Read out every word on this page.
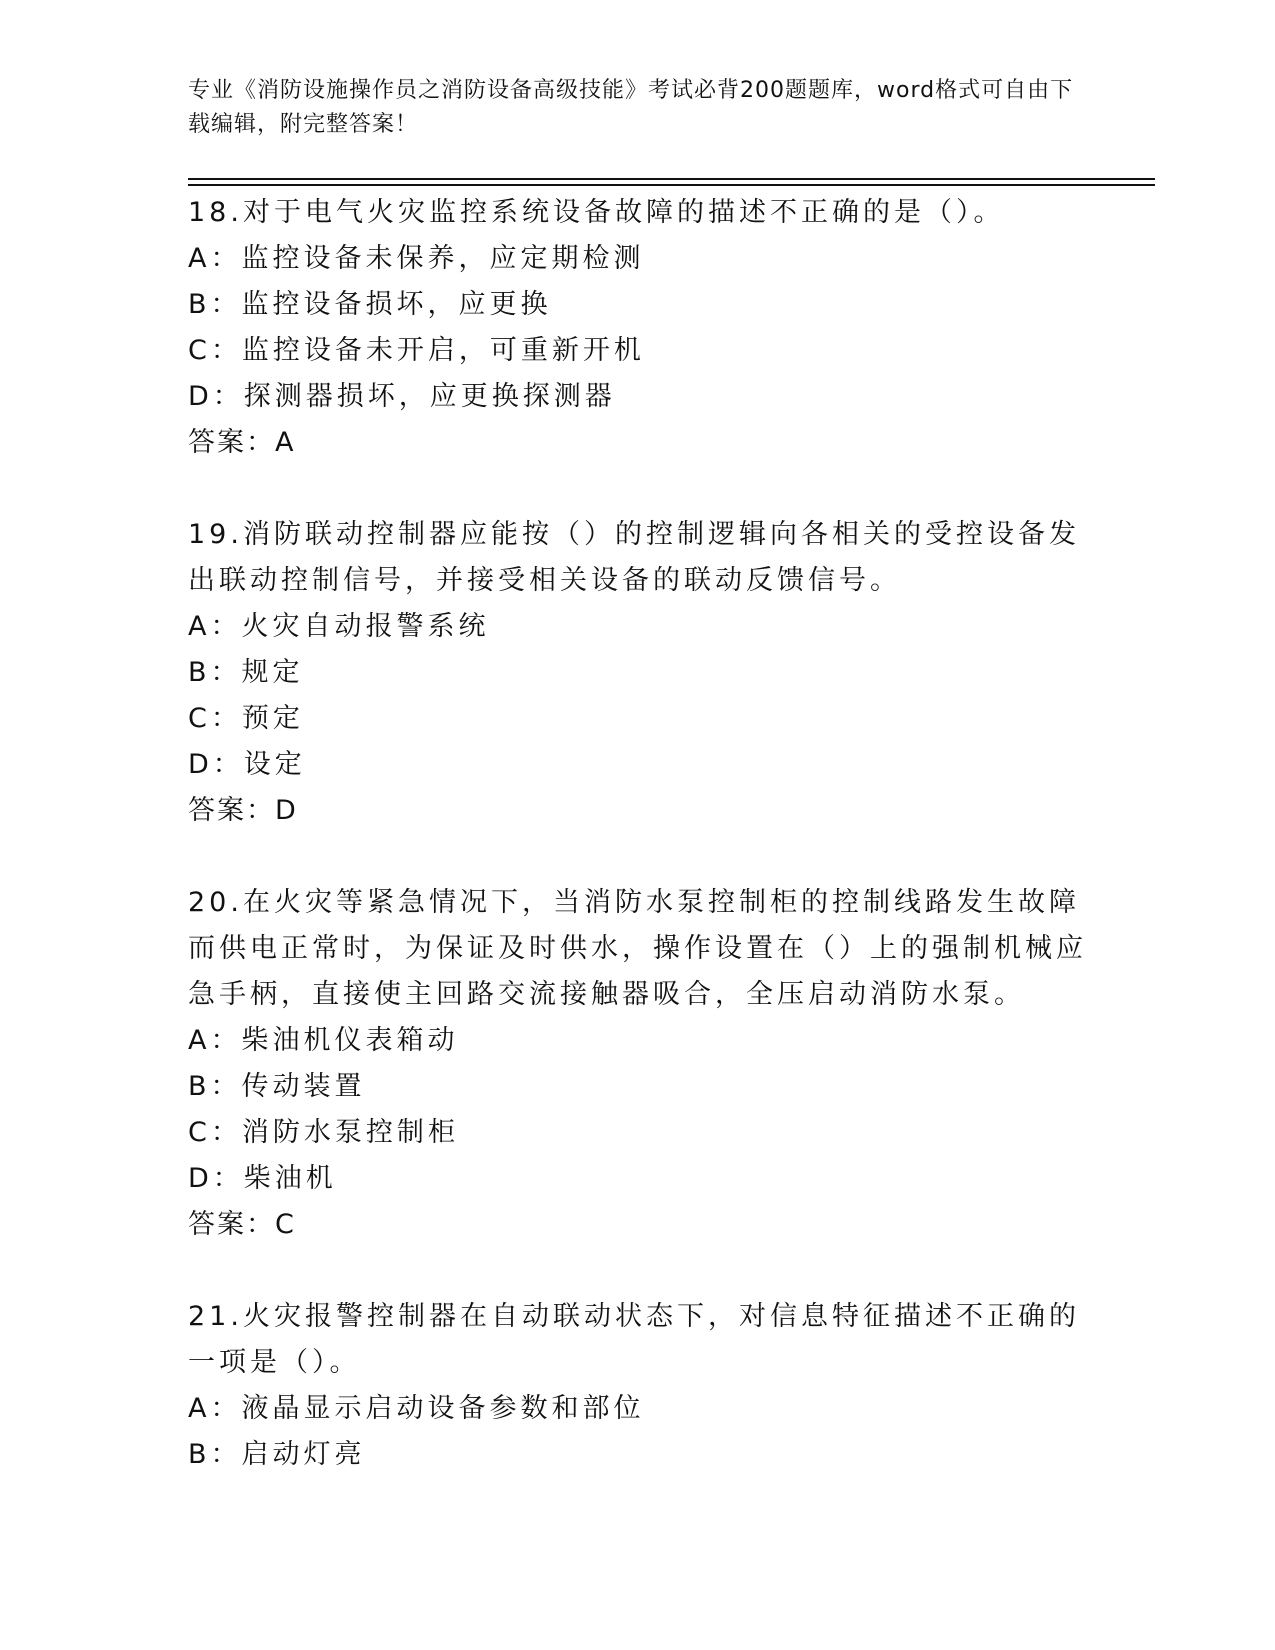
专业《消防设施操作员之消防设备高级技能》考试必背200题题库，word格式可自由下载编辑，附完整答案！
18.对于电气火灾监控系统设备故障的描述不正确的是（）。
A：监控设备未保养，应定期检测
B：监控设备损坏，应更换
C：监控设备未开启，可重新开机
D：探测器损坏，应更换探测器
答案：A
19.消防联动控制器应能按（）的控制逻辑向各相关的受控设备发出联动控制信号，并接受相关设备的联动反馈信号。
A：火灾自动报警系统
B：规定
C：预定
D：设定
答案：D
20.在火灾等紧急情况下，当消防水泵控制柜的控制线路发生故障而供电正常时，为保证及时供水，操作设置在（）上的强制机械应急手柄，直接使主回路交流接触器吸合，全压启动消防水泵。
A：柴油机仪表箱动
B：传动装置
C：消防水泵控制柜
D：柴油机
答案：C
21.火灾报警控制器在自动联动状态下，对信息特征描述不正确的一项是（）。
A：液晶显示启动设备参数和部位
B：启动灯亮
